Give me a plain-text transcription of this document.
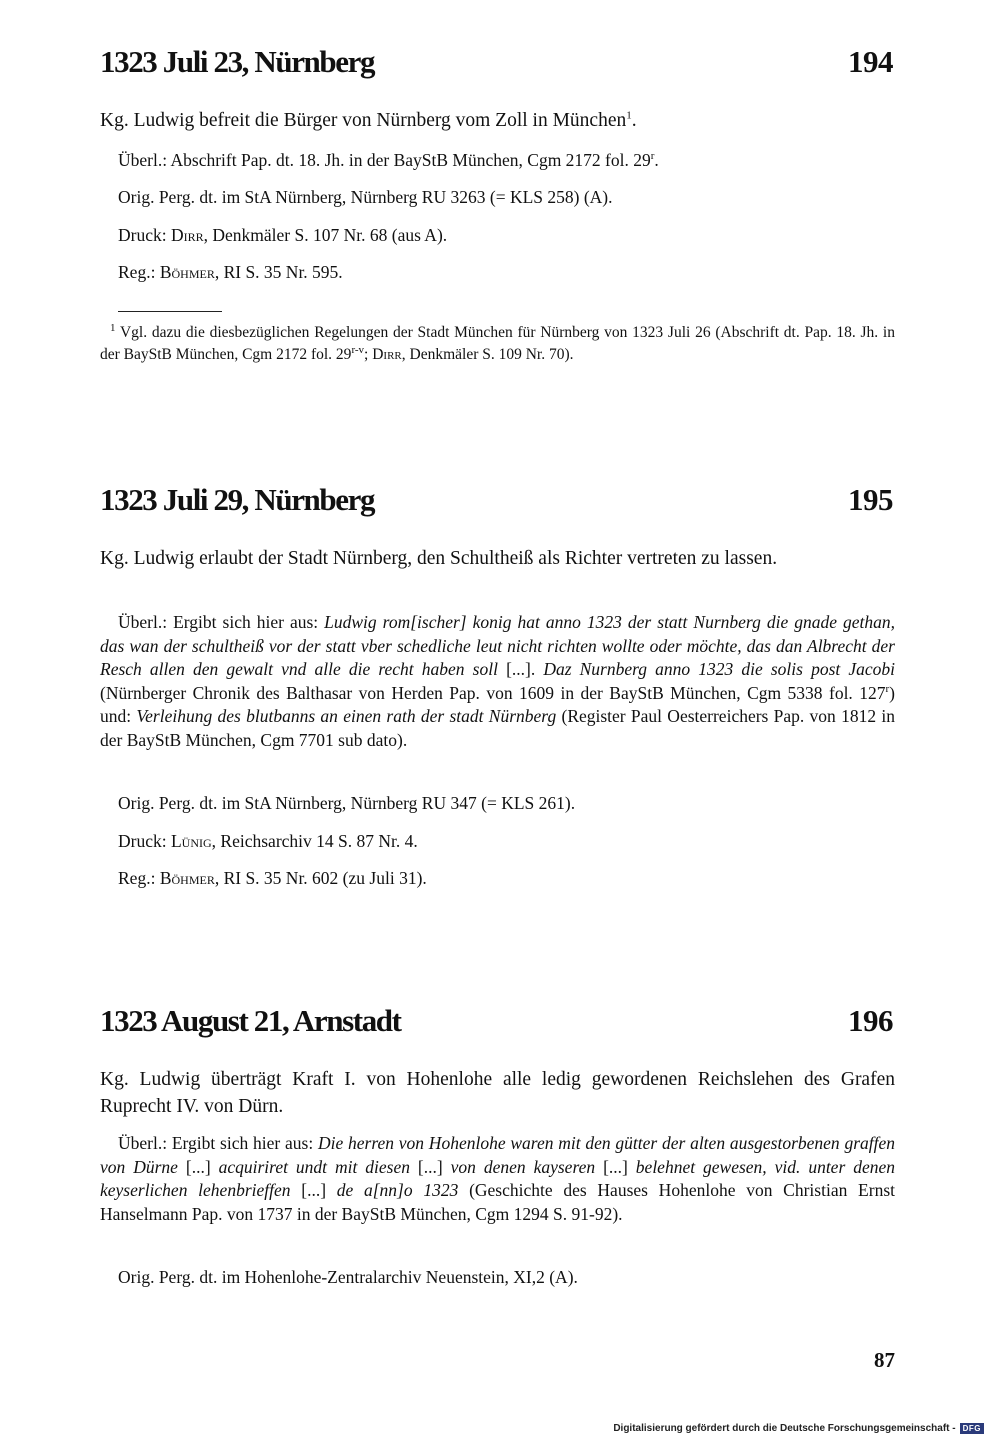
1323 Juli 23, Nürnberg	194
Kg. Ludwig befreit die Bürger von Nürnberg vom Zoll in München$^1$.
Überl.: Abschrift Pap. dt. 18. Jh. in der BayStB München, Cgm 2172 fol. 29$^r$.
Orig. Perg. dt. im StA Nürnberg, Nürnberg RU 3263 (= KLS 258) (A).
Druck: Dirr, Denkmäler S. 107 Nr. 68 (aus A).
Reg.: Böhmer, RI S. 35 Nr. 595.
$^1$ Vgl. dazu die diesbezüglichen Regelungen der Stadt München für Nürnberg von 1323 Juli 26 (Abschrift dt. Pap. 18. Jh. in der BayStB München, Cgm 2172 fol. 29$^{r-v}$; Dirr, Denkmäler S. 109 Nr. 70).
1323 Juli 29, Nürnberg	195
Kg. Ludwig erlaubt der Stadt Nürnberg, den Schultheiß als Richter vertreten zu lassen.
Überl.: Ergibt sich hier aus: Ludwig rom[ischer] konig hat anno 1323 der statt Nurnberg die gnade gethan, das wan der schultheiß vor der statt vber schedliche leut nicht richten wollte oder möchte, das dan Albrecht der Resch allen den gewalt vnd alle die recht haben soll [...]. Daz Nurnberg anno 1323 die solis post Jacobi (Nürnberger Chronik des Balthasar von Herden Pap. von 1609 in der BayStB München, Cgm 5338 fol. 127$^r$) und: Verleihung des blutbanns an einen rath der stadt Nürnberg (Register Paul Oesterreichers Pap. von 1812 in der BayStB München, Cgm 7701 sub dato).
Orig. Perg. dt. im StA Nürnberg, Nürnberg RU 347 (= KLS 261).
Druck: Lünig, Reichsarchiv 14 S. 87 Nr. 4.
Reg.: Böhmer, RI S. 35 Nr. 602 (zu Juli 31).
1323 August 21, Arnstadt	196
Kg. Ludwig überträgt Kraft I. von Hohenlohe alle ledig gewordenen Reichslehen des Grafen Ruprecht IV. von Dürn.
Überl.: Ergibt sich hier aus: Die herren von Hohenlohe waren mit den gütter der alten ausgestorbenen graffen von Dürne [...] acquiriret undt mit diesen [...] von denen kayseren [...] belehnet gewesen, vid. unter denen keyserlichen lehenbrieffen [...] de a[nn]o 1323 (Geschichte des Hauses Hohenlohe von Christian Ernst Hanselmann Pap. von 1737 in der BayStB München, Cgm 1294 S. 91-92).
Orig. Perg. dt. im Hohenlohe-Zentralarchiv Neuenstein, XI,2 (A).
87
Digitalisierung gefördert durch die Deutsche Forschungsgemeinschaft - DFG
